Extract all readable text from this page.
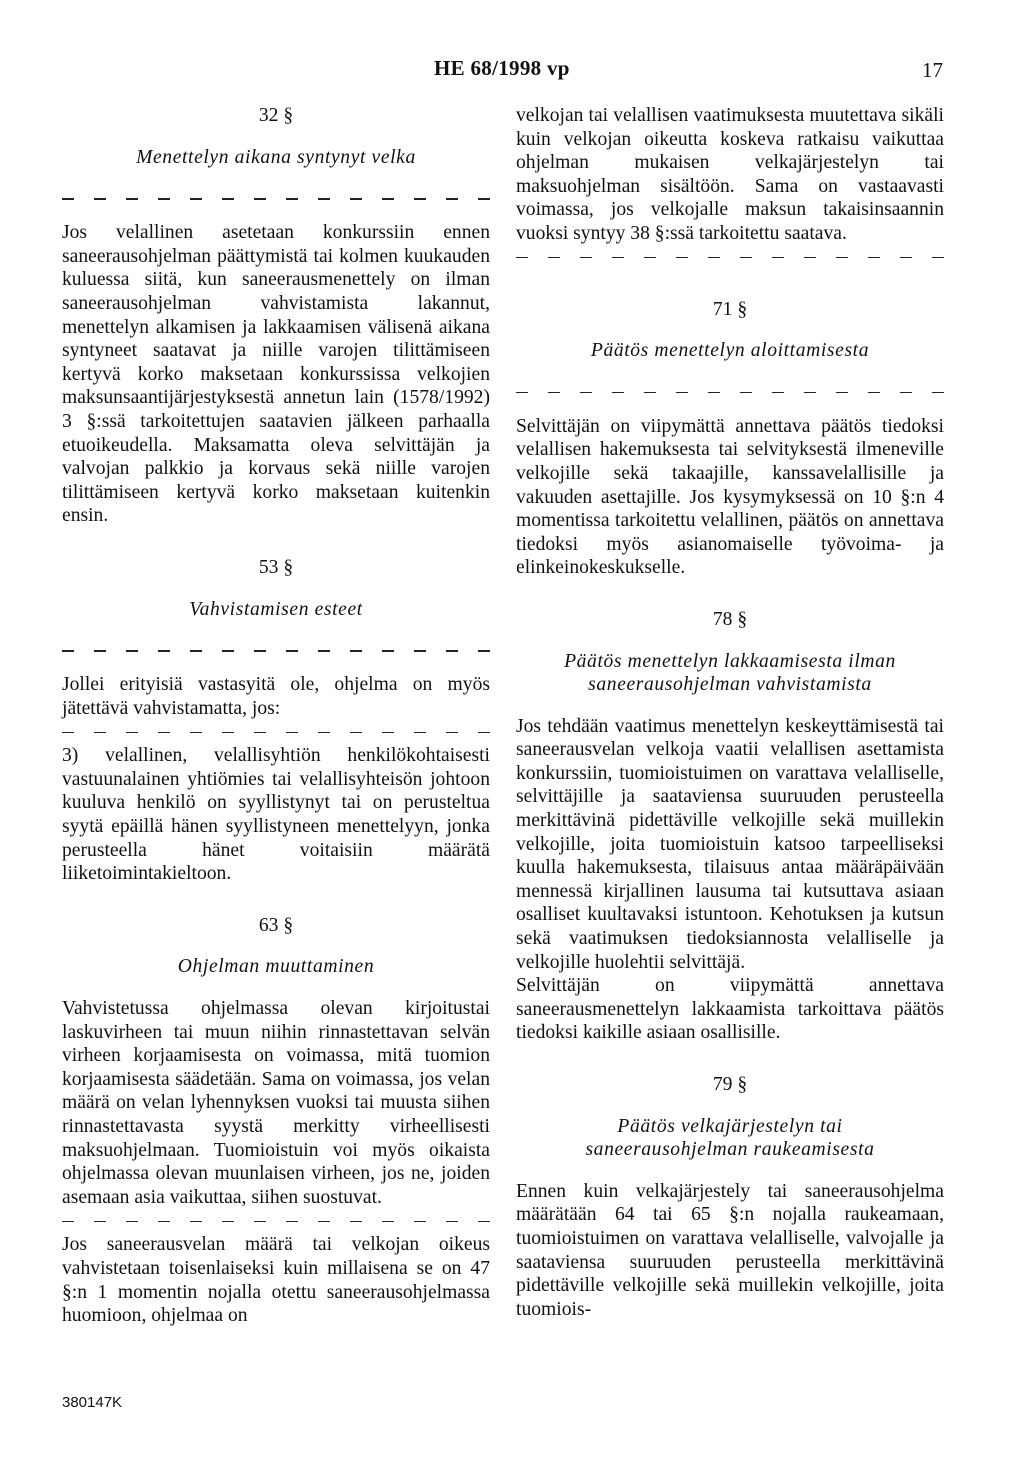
HE 68/1998 vp	17
32 §
Menettelyn aikana syntynyt velka

Jos velallinen asetetaan konkurssiin ennen saneerausohjelman päättymistä tai kolmen kuukauden kuluessa siitä, kun saneerausmenettely on ilman saneerausohjelman vahvistamista lakannut, menettelyn alkamisen ja lakkaamisen välisenä aikana syntyneet saatavat ja niille varojen tilittämiseen kertyvä korko maksetaan konkurssissa velkojien maksunsaantijärjestyksestä annetun lain (1578/1992) 3 §:ssä tarkoitettujen saatavien jälkeen parhaalla etuoikeudella. Maksamatta oleva selvittäjän ja valvojan palkkio ja korvaus sekä niille varojen tilittämiseen kertyvä korko maksetaan kuitenkin ensin.

53 §
Vahvistamisen esteet

Jollei erityisiä vastasyitä ole, ohjelma on myös jätettävä vahvistamatta, jos:

3) velallinen, velallisyhtiön henkilökohtaisesti vastuunalainen yhtiömies tai velallisyhteisön johtoon kuuluva henkilö on syyllistynyt tai on perusteltua syytä epäillä hänen syyllistyneen menettelyyn, jonka perusteella hänet voitaisiin määrätä liiketoimintakieltoon.

63 §
Ohjelman muuttaminen

Vahvistetussa ohjelmassa olevan kirjoitustai laskuvirheen tai muun niihin rinnastettavan selvän virheen korjaamisesta on voimassa, mitä tuomion korjaamisesta säädetään. Sama on voimassa, jos velan määrä on velan lyhennyksen vuoksi tai muusta siihen rinnastettavasta syystä merkitty virheellisesti maksuohjelmaan. Tuomioistuin voi myös oikaista ohjelmassa olevan muunlaisen virheen, jos ne, joiden asemaan asia vaikuttaa, siihen suostuvat.

Jos saneerausvelan määrä tai velkojan oikeus vahvistetaan toisenlaiseksi kuin millaisena se on 47 §:n 1 momentin nojalla otettu saneerausohjelmassa huomioon, ohjelmaa on

velkojan tai velallisen vaatimuksesta muutettava sikäli kuin velkojan oikeutta koskeva ratkaisu vaikuttaa ohjelman mukaisen velkajärjestelyn tai maksuohjelman sisältöön. Sama on vastaavasti voimassa, jos velkojalle maksun takaisinsaannin vuoksi syntyy 38 §:ssä tarkoitettu saatava.

71 §
Päätös menettelyn aloittamisesta

Selvittäjän on viipymättä annettava päätös tiedoksi velallisen hakemuksesta tai selvityksestä ilmeneville velkojille sekä takaajille, kanssavelallisille ja vakuuden asettajille. Jos kysymyksessä on 10 §:n 4 momentissa tarkoitettu velallinen, päätös on annettava tiedoksi myös asianomaiselle työvoima- ja elinkeinokeskukselle.

78 §
Päätös menettelyn lakkaamisesta ilman
saneerausohjelman vahvistamista

Jos tehdään vaatimus menettelyn keskeyttämisestä tai saneerausvelan velkoja vaatii velallisen asettamista konkurssiin, tuomioistuimen on varattava velalliselle, selvittäjille ja saataviensa suuruuden perusteella merkittävinä pidettäville velkojille sekä muillekin velkojille, joita tuomioistuin katsoo tarpeelliseksi kuulla hakemuksesta, tilaisuus antaa määräpäivään mennessä kirjallinen lausuma tai kutsuttava asiaan osalliset kuultavaksi istuntoon. Kehotuksen ja kutsun sekä vaatimuksen tiedoksiannosta velalliselle ja velkojille huolehtii selvittäjä.

Selvittäjän on viipymättä annettava saneerausmenettelyn lakkaamista tarkoittava päätös tiedoksi kaikille asiaan osallisille.

79 §
Päätös velkajärjestelyn tai
saneerausohjelman raukeamisesta

Ennen kuin velkajärjestely tai saneerausohjelma määrätään 64 tai 65 §:n nojalla raukeamaan, tuomioistuimen on varattava velalliselle, valvojalle ja saataviensa suuruuden perusteella merkittävinä pidettäville velkojille sekä muillekin velkojille, joita tuomiois-

380147K
